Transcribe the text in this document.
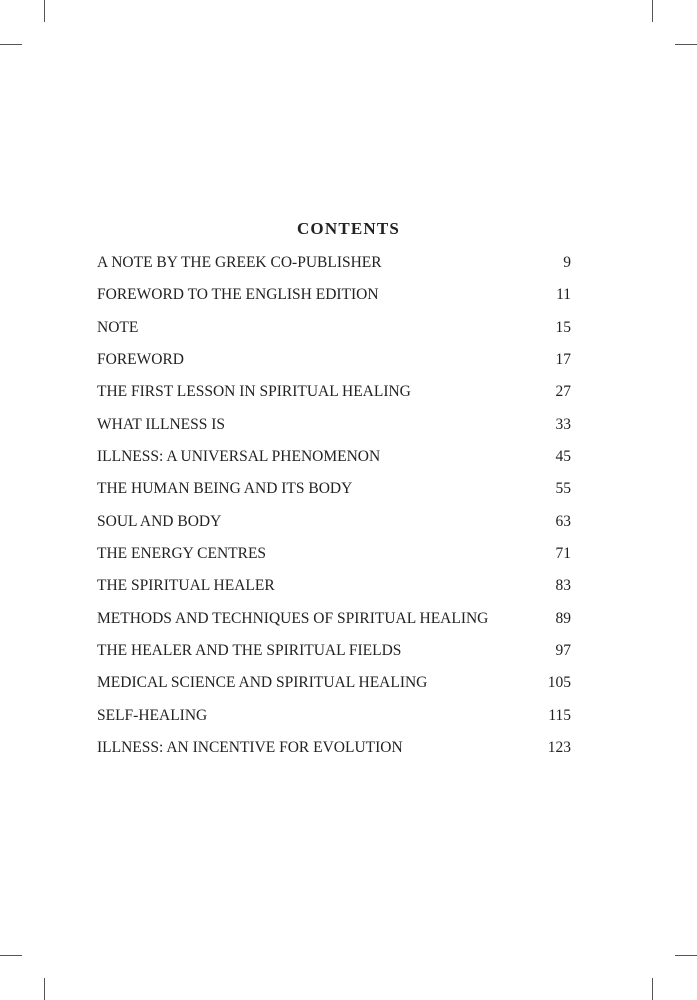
CONTENTS
A NOTE BY THE GREEK CO-PUBLISHER	9
FOREWORD TO THE ENGLISH EDITION	11
NOTE	15
FOREWORD	17
THE FIRST LESSON IN SPIRITUAL HEALING	27
WHAT ILLNESS IS	33
ILLNESS: A UNIVERSAL PHENOMENON	45
THE HUMAN BEING AND ITS BODY	55
SOUL AND BODY	63
THE ENERGY CENTRES	71
THE SPIRITUAL HEALER	83
METHODS AND TECHNIQUES OF SPIRITUAL HEALING	89
THE HEALER AND THE SPIRITUAL FIELDS	97
MEDICAL SCIENCE AND SPIRITUAL HEALING	105
SELF-HEALING	115
ILLNESS: AN INCENTIVE FOR EVOLUTION	123
